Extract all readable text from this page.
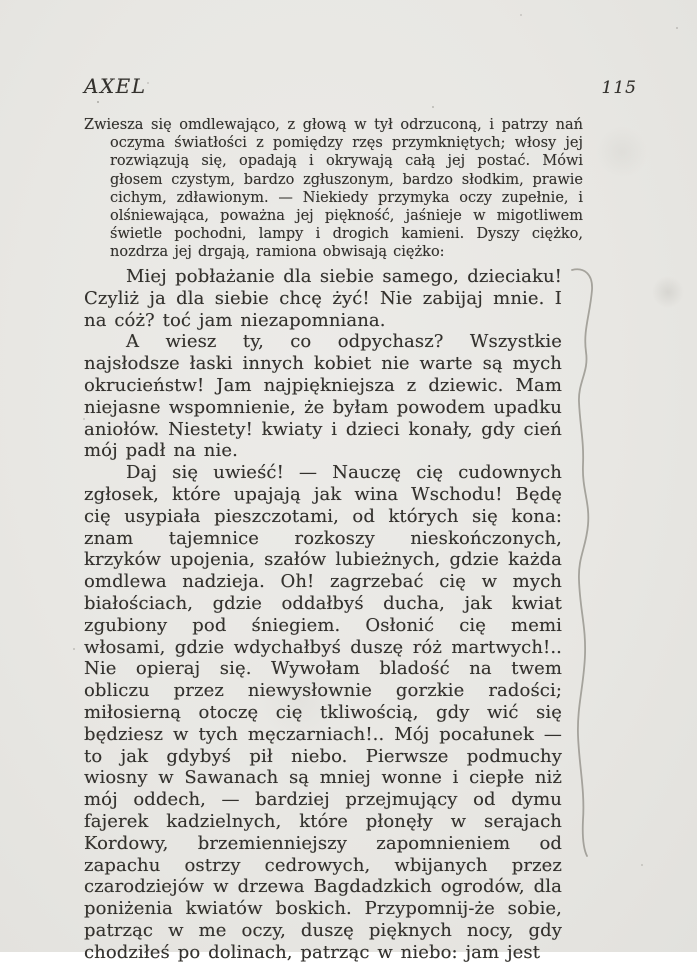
AXEL	115
Zwiesza się omdlewająco, z głową w tył odrzuconą, i patrzy nań oczyma światłości z pomiędzy rzęs przymkniętych; włosy jej rozwiązują się, opadają i okrywają całą jej postać. Mówi głosem czystym, bardzo zgłuszonym, bardzo słodkim, prawie cichym, zdławionym. — Niekiedy przymyka oczy zupełnie, i olśniewająca, poważna jej piękność, jaśnieje w migotliwem świetle pochodni, lampy i drogich kamieni. Dyszy ciężko, nozdrza jej drgają, ramiona obwisają ciężko:

Miej pobłażanie dla siebie samego, dzieciaku! Czyliż ja dla siebie chcę żyć! Nie zabijaj mnie. I na cóż? toć jam niezapomniana.

A wiesz ty, co odpychasz? Wszystkie najsłodsze łaski innych kobiet nie warte są mych okrucieństw! Jam najpiękniejsza z dziewic. Mam niejasne wspomnienie, że byłam powodem upadku aniołów. Niestety! kwiaty i dzieci konały, gdy cień mój padł na nie.

Daj się uwieść! — Nauczę cię cudownych zgłosek, które upajają jak wina Wschodu! Będę cię usypiała pieszczotami, od których się kona: znam tajemnice rozkoszy nieskończonych, krzyków upojenia, szałów lubieżnych, gdzie każda omdlewa nadzieja. Oh! zagrzebać cię w mych białościach, gdzie oddałbyś ducha, jak kwiat zgubiony pod śniegiem. Osłonić cię memi włosami, gdzie wdychałbyś duszę róż martwych!.. Nie opieraj się. Wywołam bladość na twem obliczu przez niewysłownie gorzkie radości; miłosierną otoczę cię tkliwością, gdy wić się będziesz w tych męczarniach!.. Mój pocałunek — to jak gdybyś pił niebo. Pierwsze podmuchy wiosny w Sawanach są mniej wonne i ciepłe niż mój oddech, — bardziej przejmujący od dymu fajerek kadzielnych, które płonęły w serajach Kordowy, brzemienniejszy zapomnieniem od zapachu ostrzy cedrowych, wbijanych przez czarodziejów w drzewa Bagdadzkich ogrodów, dla poniżenia kwiatów boskich. Przypomnij-że sobie, patrząc w me oczy, duszę pięknych nocy, gdy chodziłeś po dolinach, patrząc w niebo: jam jest
